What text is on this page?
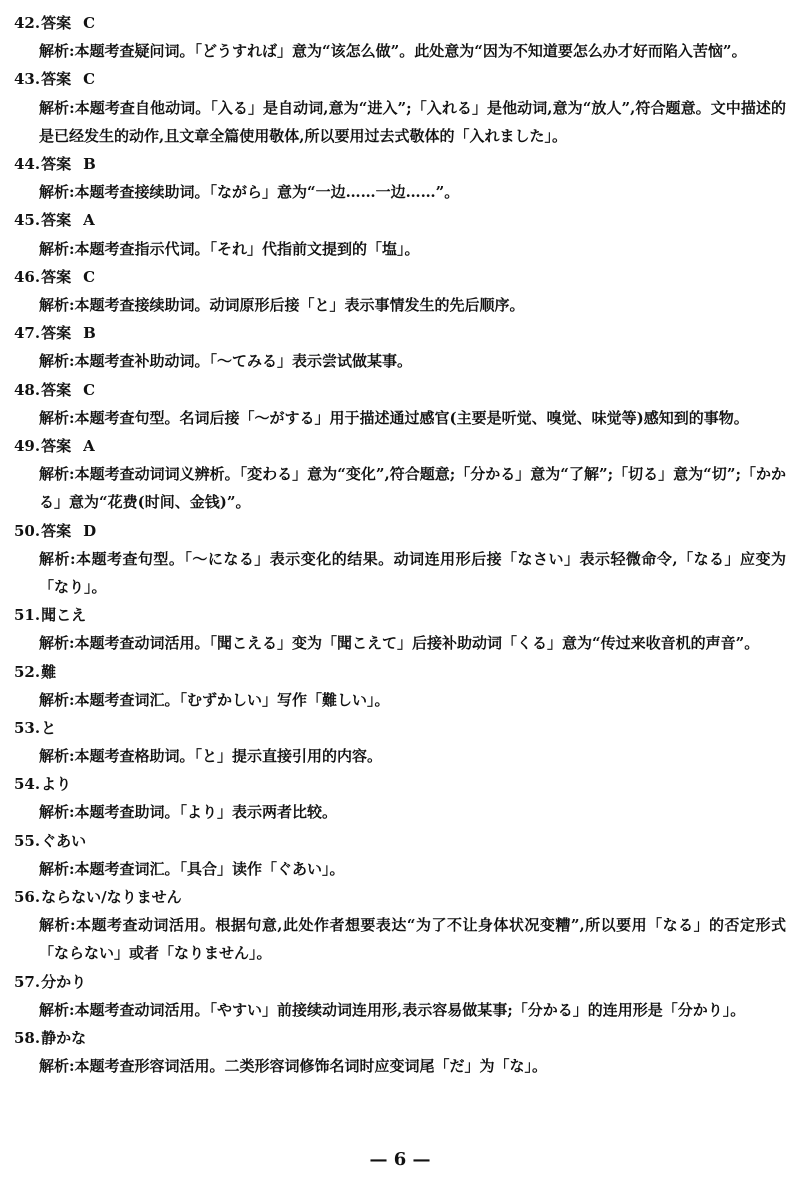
42.答案 C
解析:本题考查疑问词。「どうすれば」意为“该怎么做”。此处意为“因为不知道要怎么办才好而陷入苦恼”。
43.答案 C
解析:本题考查自他动词。「入る」是自动词,意为“进入”;「入れる」是他动词,意为“放人”,符合题意。文中描述的是已经发生的动作,且文章全篇使用敬体,所以要用过去式敬体的「入れました」。
44.答案 B
解析:本题考查接续助词。「ながら」意为“一边……一边……”。
45.答案 A
解析:本题考查指示代词。「それ」代指前文提到的「塩」。
46.答案 C
解析:本题考查接续助词。动词原形后接「と」表示事情发生的先后顺序。
47.答案 B
解析:本题考查补助动词。「～てみる」表示尝试做某事。
48.答案 C
解析:本题考查句型。名词后接「～がする」用于描述通过感官(主要是听觉、嗅觉、味觉等)感知到的事物。
49.答案 A
解析:本题考查动词词义辨析。「変わる」意为“变化”,符合题意;「分かる」意为“了解”;「切る」意为“切”;「かかる」意为“花费(时间、金钱)”。
50.答案 D
解析:本题考查句型。「～になる」表示变化的结果。动词连用形后接「なさい」表示轻微命令,「なる」应变为「なり」。
51.聞こえ
解析:本题考查动词活用。「聞こえる」变为「聞こえて」后接补助动词「くる」意为“传过来收音机的声音”。
52.難
解析:本题考查词汇。「むずかしい」写作「難しい」。
53.と
解析:本题考查格助词。「と」提示直接引用的内容。
54.より
解析:本题考查助词。「より」表示两者比较。
55.ぐあい
解析:本题考查词汇。「具合」读作「ぐあい」。
56.ならない/なりません
解析:本题考查动词活用。根据句意,此处作者想要表达“为了不让身体状况变糟”,所以要用「なる」的否定形式「ならない」或者「なりません」。
57.分かり
解析:本题考查动词活用。「やすい」前接续动词连用形,表示容易做某事;「分かる」的连用形是「分かり」。
58.静かな
解析:本题考查形容词活用。二类形容词修饰名词时应变词尾「だ」为「な」。
— 6 —
